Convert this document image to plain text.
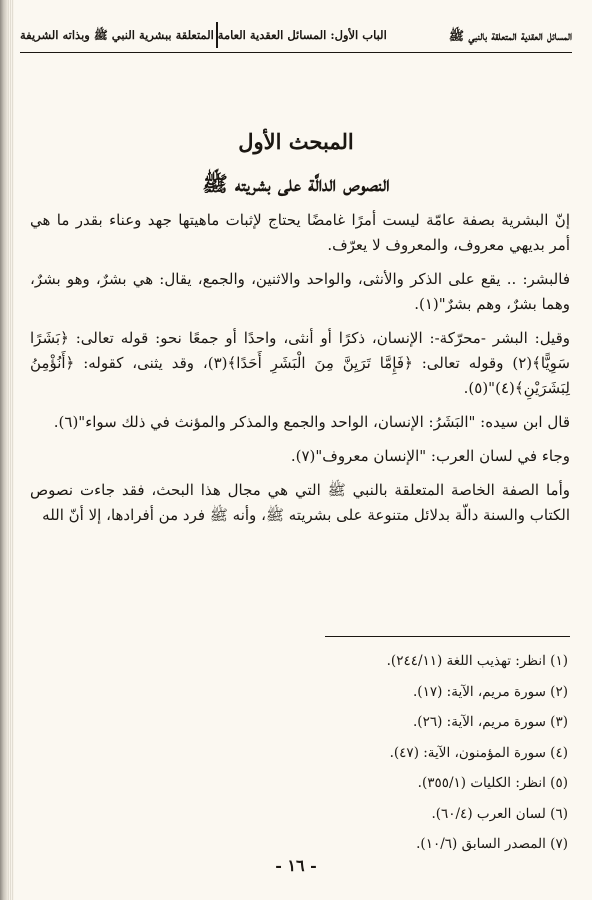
المسائل العقدية المتعلقة بالنبي ﷺ
الباب الأول: المسائل العقدية العامة المتعلقة ببشرية النبي ﷺ وبذاته الشريفة
المبحث الأول
النصوص الدالَّة على بشريته ﷺ

إنّ البشرية بصفة عامّة ليست أمرًا غامضًا يحتاج لإثبات ماهيتها جهد وعناء بقدر ما هي أمر بديهي معروف، والمعروف لا يعرّف.

فالبشر: .. يقع على الذكر والأنثى، والواحد والاثنين، والجمع، يقال: هي بشرٌ، وهو بشرٌ، وهما بشرٌ، وهم بشرٌ"(١).

وقيل: البشر -محرّكة-: الإنسان، ذكرًا أو أنثى، واحدًا أو جمعًا نحو: قوله تعالى: ﴿بَشَرًا سَوِيًّا﴾(٢) وقوله تعالى: ﴿فَإِمَّا تَرَيِنَّ مِنَ الْبَشَرِ أَحَدًا﴾(٣)، وقد يثنى، كقوله: ﴿أَنُؤْمِنُ لِبَشَرَيْنِ﴾(٤)"(٥).

قال ابن سيده: "البَشَرُ: الإنسان، الواحد والجمع والمذكر والمؤنث في ذلك سواء"(٦).

وجاء في لسان العرب: "الإنسان معروف"(٧).

وأما الصفة الخاصة المتعلقة بالنبي ﷺ التي هي مجال هذا البحث، فقد جاءت نصوص الكتاب والسنة دالّة بدلائل متنوعة على بشريته ﷺ، وأنه ﷺ فرد من أفرادها، إلا أنّ الله

(١) انظر: تهذيب اللغة (٢٤٤/١١).
(٢) سورة مريم، الآية: (١٧).
(٣) سورة مريم، الآية: (٢٦).
(٤) سورة المؤمنون، الآية: (٤٧).
(٥) انظر: الكليات (٣٥٥/١).
(٦) لسان العرب (٦٠/٤).
(٧) المصدر السابق (١٠/٦).
- ١٦ -
